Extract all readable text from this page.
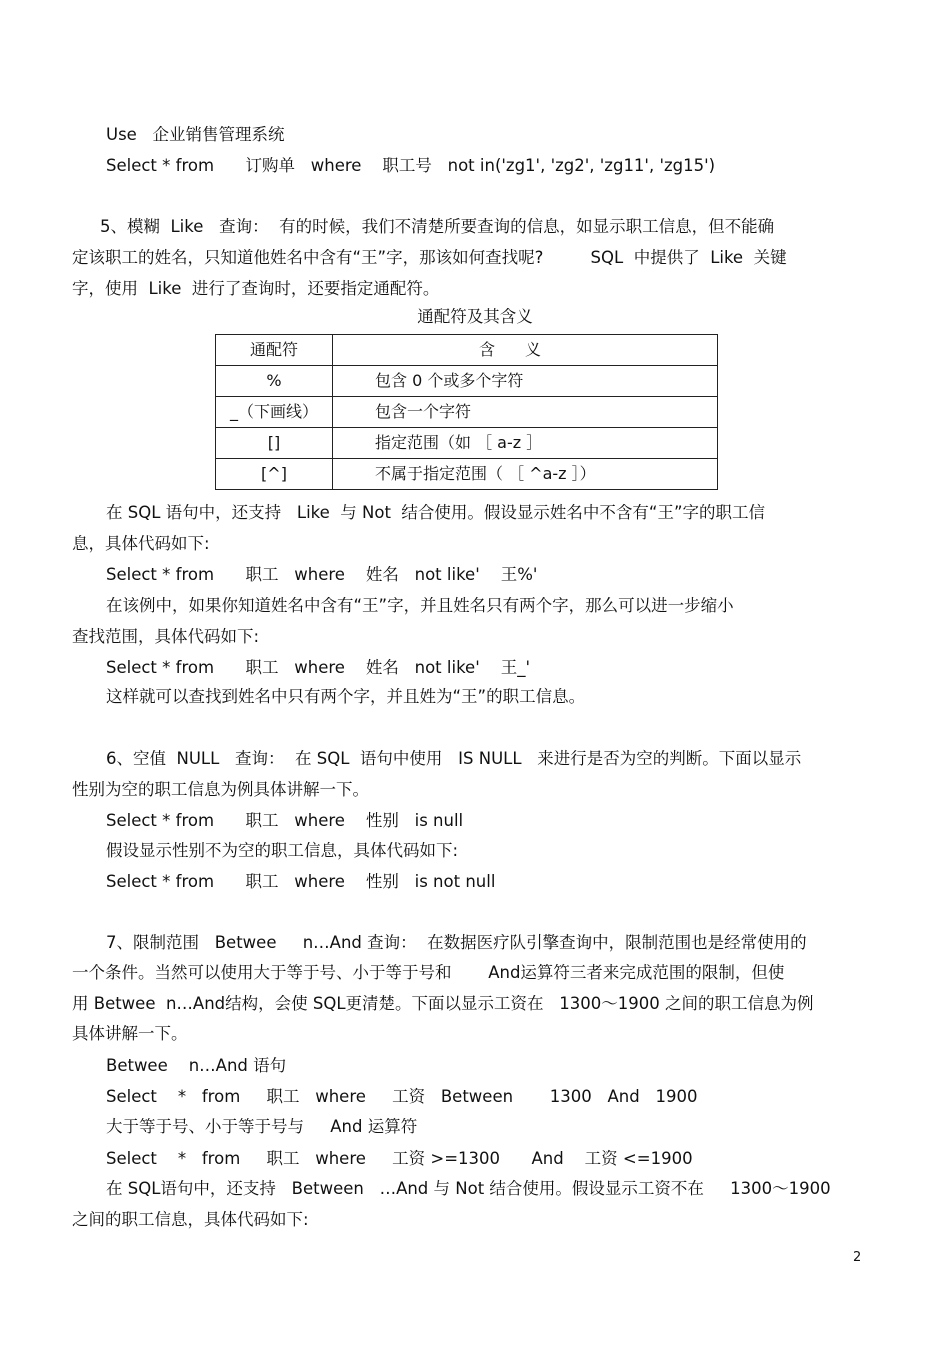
Use   企业销售管理系统
Select * from      订购单   where    职工号   not in('zg1', 'zg2', 'zg11', 'zg15')
5、模糊  Like   查询：  有的时候，我们不清楚所要查询的信息，如显示职工信息，但不能确
定该职工的姓名，只知道他姓名中含有“王”字，那该如何查找呢?         SQL  中提供了  Like  关键
字，使用  Like  进行了查询时，还要指定通配符。
通配符及其含义
通配符	含义
%	包含 0 个或多个字符
_（下画线）	包含一个字符
[]	指定范围（如 ［ a-z ］
[^]	不属于指定范围（ ［ ^a-z ］）
在 SQL 语句中，还支持   Like  与 Not  结合使用。假设显示姓名中不含有“王”字的职工信
息，具体代码如下:
Select * from      职工   where    姓名   not like'    王%'
在该例中，如果你知道姓名中含有“王”字，并且姓名只有两个字，那么可以进一步缩小
查找范围，具体代码如下:
Select * from      职工   where    姓名   not like'    王_'
这样就可以查找到姓名中只有两个字，并且姓为“王”的职工信息。
6、空值  NULL   查询：  在 SQL  语句中使用   IS NULL   来进行是否为空的判断。下面以显示
性别为空的职工信息为例具体讲解一下。
Select * from      职工   where    性别   is null
假设显示性别不为空的职工信息，具体代码如下:
Select * from      职工   where    性别   is not null
7、限制范围   Betwee     n…And 查询：  在数据医疗队引擎查询中，限制范围也是经常使用的
一个条件。当然可以使用大于等于号、小于等于号和       And运算符三者来完成范围的限制，但使
用 Betwee  n…And结构，会使 SQL更清楚。下面以显示工资在   1300～1900 之间的职工信息为例
具体讲解一下。
Betwee    n…And 语句
Select    *   from     职工   where     工资   Between       1300   And   1900
大于等于号、小于等于号与     And 运算符
Select    *   from     职工   where     工资 >=1300      And    工资 <=1900
在 SQL语句中，还支持   Between   …And 与 Not 结合使用。假设显示工资不在     1300～1900
之间的职工信息，具体代码如下:
2
